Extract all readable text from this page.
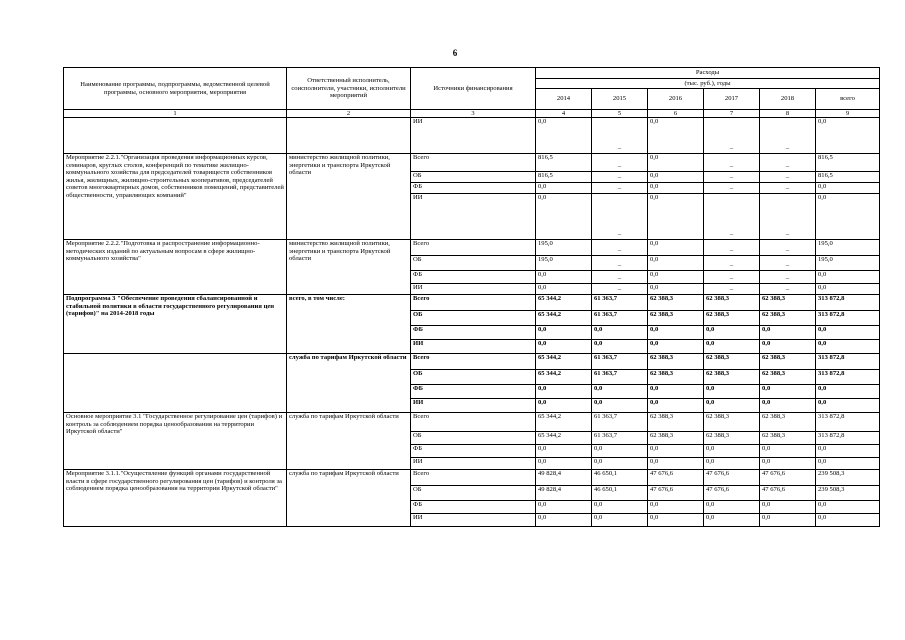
6
Наименование программы, подпрограммы, ведомственной целевой программы, основного мероприятия, мероприятия	Ответственный исполнитель, соисполнители, участники, исполнители мероприятий	Источники финансирования	Расходы					
			(тыс. руб.), годы					
			2014	2015	2016	2017	2018	всего
1	2	3	4	5	6	7	8	9
		ИИ	0,0	–	0,0	–	–	0,0
Мероприятие 2.2.1."Организация проведения информационных курсов, семинаров, круглых столов, конференций по тематике жилищно-коммунального хозяйства для председателей товариществ собственников жилья, жилищных, жилищно-строительных кооперативов, председателей советов многоквартирных домов, собственников помещений, представителей общественности, управляющих компаний"	министерство жилищной политики, энергетики и транспорта Иркутской области	Всего	816,5	–	0,0	–	–	816,5
		ОБ	816,5	–	0,0	–	–	816,5
		ФБ	0,0	–	0,0	–	–	0,0
		ИИ	0,0	–	0,0	–	–	0,0
Мероприятие 2.2.2."Подготовка и распространение информационно-методических изданий по актуальным вопросам в сфере жилищно-коммунального хозяйства"	министерство жилищной политики, энергетики и транспорта Иркутской области	Всего	195,0	–	0,0	–	–	195,0
		ОБ	195,0	–	0,0	–	–	195,0
		ФБ	0,0	–	0,0	–	–	0,0
		ИИ	0,0	–	0,0	–	–	0,0
Подпрограмма 3 "Обеспечение проведения сбалансированной и стабильной политики в области государственного регулирования цен (тарифов)" на 2014-2018 годы	всего, в том числе:	Всего	65 344,2	61 363,7	62 388,3	62 388,3	62 388,3	313 872,8
		ОБ	65 344,2	61 363,7	62 388,3	62 388,3	62 388,3	313 872,8
		ФБ	0,0	0,0	0,0	0,0	0,0	0,0
		ИИ	0,0	0,0	0,0	0,0	0,0	0,0
	служба по тарифам Иркутской области	Всего	65 344,2	61 363,7	62 388,3	62 388,3	62 388,3	313 872,8
		ОБ	65 344,2	61 363,7	62 388,3	62 388,3	62 388,3	313 872,8
		ФБ	0,0	0,0	0,0	0,0	0,0	0,0
		ИИ	0,0	0,0	0,0	0,0	0,0	0,0
Основное мероприятие 3.1 "Государственное регулирование цен (тарифов) и контроль за соблюдением порядка ценообразования на территории Иркутской области"	служба по тарифам Иркутской области	Всего	65 344,2	61 363,7	62 388,3	62 388,3	62 388,3	313 872,8
		ОБ	65 344,2	61 363,7	62 388,3	62 388,3	62 388,3	313 872,8
		ФБ	0,0	0,0	0,0	0,0	0,0	0,0
		ИИ	0,0	0,0	0,0	0,0	0,0	0,0
Мероприятие 3.1.1."Осуществление функций органами государственной власти в сфере государственного регулирования цен (тарифов) и контроля за соблюдением порядка ценообразования на территории Иркутской области"	служба по тарифам Иркутской области	Всего	49 828,4	46 650,1	47 676,6	47 676,6	47 676,6	239 508,3
		ОБ	49 828,4	46 650,1	47 676,6	47 676,6	47 676,6	239 508,3
		ФБ	0,0	0,0	0,0	0,0	0,0	0,0
		ИИ	0,0	0,0	0,0	0,0	0,0	0,0
